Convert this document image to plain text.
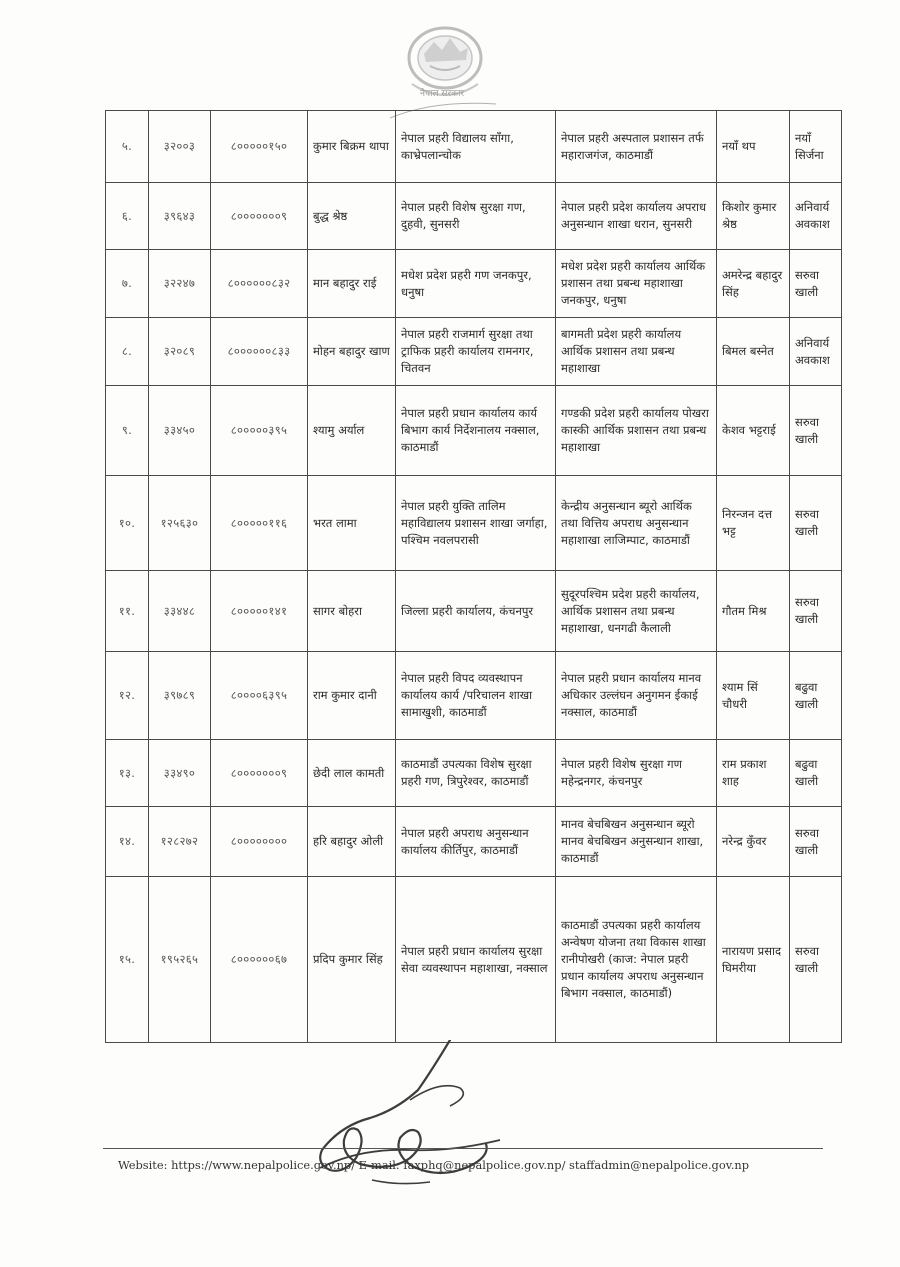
नेपाल सरकार
५.	३२००३	८०००००१५०	कुमार बिक्रम थापा	नेपाल प्रहरी विद्यालय साँगा, काभ्रेपलान्चोक	नेपाल प्रहरी अस्पताल प्रशासन तर्फ महाराजगंज, काठमाडौं	नयाँ थप	नयाँ सिर्जना
६.	३९६४३	८०००००००९	बुद्ध श्रेष्ठ	नेपाल प्रहरी विशेष सुरक्षा गण, दुहवी, सुनसरी	नेपाल प्रहरी प्रदेश कार्यालय अपराध अनुसन्धान शाखा धरान, सुनसरी	किशोर कुमार श्रेष्ठ	अनिवार्य अवकाश
७.	३२२४७	८००००००८३२	मान बहादुर राई	मधेश प्रदेश प्रहरी गण जनकपुर, धनुषा	मधेश प्रदेश प्रहरी कार्यालय आर्थिक प्रशासन तथा प्रबन्ध महाशाखा जनकपुर, धनुषा	अमरेन्द्र बहादुर सिंह	सरुवा खाली
८.	३२०८९	८००००००८३३	मोहन बहादुर खाण	नेपाल प्रहरी राजमार्ग सुरक्षा तथा ट्राफिक प्रहरी कार्यालय रामनगर, चितवन	बागमती प्रदेश प्रहरी कार्यालय आर्थिक प्रशासन तथा प्रबन्ध महाशाखा	बिमल बस्नेत	अनिवार्य अवकाश
९.	३३४५०	८०००००३९५	श्यामु अर्याल	नेपाल प्रहरी प्रधान कार्यालय कार्य बिभाग कार्य निर्देशनालय नक्साल, काठमाडौं	गण्डकी प्रदेश प्रहरी कार्यालय पोखरा कास्की आर्थिक प्रशासन तथा प्रबन्ध महाशाखा	केशव भट्टराई	सरुवा खाली
१०.	१२५६३०	८०००००११६	भरत लामा	नेपाल प्रहरी युक्ति तालिम महाविद्यालय प्रशासन शाखा जर्गाहा, पश्चिम नवलपरासी	केन्द्रीय अनुसन्धान ब्यूरो आर्थिक तथा वित्तिय अपराध अनुसन्धान महाशाखा लाजिम्पाट, काठमाडौं	निरन्जन दत्त भट्ट	सरुवा खाली
११.	३३४४८	८०००००१४१	सागर बोहरा	जिल्ला प्रहरी कार्यालय, कंचनपुर	सुदूरपश्चिम प्रदेश प्रहरी कार्यालय, आर्थिक प्रशासन तथा प्रबन्ध महाशाखा, धनगढी कैलाली	गौतम मिश्र	सरुवा खाली
१२.	३९७८९	८००००६३९५	राम कुमार दानी	नेपाल प्रहरी विपद व्यवस्थापन कार्यालय कार्य /परिचालन शाखा सामाखुशी, काठमाडौं	नेपाल प्रहरी प्रधान कार्यालय मानव अधिकार उल्लंघन अनुगमन ईकाई नक्साल, काठमाडौं	श्याम सिं चौधरी	बढुवा खाली
१३.	३३४९०	८०००००००९	छेदी लाल कामती	काठमाडौं उपत्यका विशेष सुरक्षा प्रहरी गण, त्रिपुरेश्वर, काठमाडौं	नेपाल प्रहरी विशेष सुरक्षा गण महेन्द्रनगर, कंचनपुर	राम प्रकाश शाह	बढुवा खाली
१४.	१२८२७२	८००००००००	हरि बहादुर ओली	नेपाल प्रहरी अपराध अनुसन्धान कार्यालय कीर्तिपुर, काठमाडौं	मानव बेचबिखन अनुसन्धान ब्यूरो मानव बेचबिखन अनुसन्धान शाखा, काठमाडौं	नरेन्द्र कुँवर	सरुवा खाली
१५.	१९५२६५	८००००००६७	प्रदिप कुमार सिंह	नेपाल प्रहरी प्रधान कार्यालय सुरक्षा सेवा व्यवस्थापन महाशाखा, नक्साल	काठमाडौं उपत्यका प्रहरी कार्यालय अन्वेषण योजना तथा विकास शाखा रानीपोखरी (काज: नेपाल प्रहरी प्रधान कार्यालय अपराध अनुसन्धान बिभाग नक्साल, काठमाडौं)	नारायण प्रसाद घिमरीया	सरुवा खाली
Website: https://www.nepalpolice.gov.np/ E-mail: faxphq@nepalpolice.gov.np/ staffadmin@nepalpolice.gov.np
